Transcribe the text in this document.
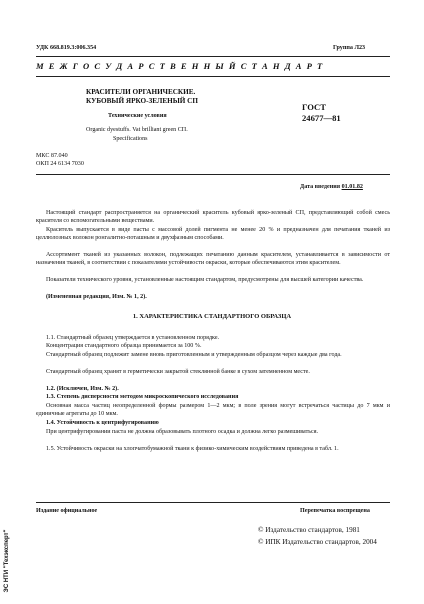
УДК 668.819.3:006.354	Группа Л23
М Е Ж Г О С У Д А Р С Т В Е Н Н Ы Й С Т А Н Д А Р Т
КРАСИТЕЛИ ОРГАНИЧЕСКИЕ.
КУБОВЫЙ ЯРКО-ЗЕЛЕНЫЙ СП
Технические условия
Organic dyestuffs. Vat brilliant green CП.
Specifications
ГОСТ
24677—81
МКС 87.040
ОКП 24 6134 7030
Дата введения 01.01.82
Настоящий стандарт распространяется на органический краситель кубовый ярко-зеленый СП, представляющий собой смесь красителя со вспомогательными веществами.
Краситель выпускается в виде пасты с массовой долей пигмента не менее 20 % и предназначен для печатания тканей из целлюлозных волокон ронгалитно-поташным и двухфазным способами.
Ассортимент тканей из указанных волокон, подлежащих печатанию данным красителем, устанавливается в зависимости от назначения тканей, в соответствии с показателями устойчивости окраски, которые обеспечиваются этим красителем.
Показатели технического уровня, установленные настоящим стандартом, предусмотрены для высшей категории качества.
(Измененная редакция, Изм. № 1, 2).
1. ХАРАКТЕРИСТИКА СТАНДАРТНОГО ОБРАЗЦА
1.1. Стандартный образец утверждается в установленном порядке.
Концентрация стандартного образца принимается за 100 %.
Стандартный образец подлежит замене вновь приготовленным и утвержденным образцом через каждые два года.
Стандартный образец хранят в герметически закрытой стеклянной банке в сухом затемненном месте.
1.2. (Исключен, Изм. № 2).
1.3. Степень дисперсности методом микроскопического исследования
Основная масса частиц неопределенной формы размером 1—2 мкм; в поле зрения могут встречаться частицы до 7 мкм и единичные агрегаты до 10 мкм.
1.4. Устойчивость к центрифугированию
При центрифугировании паста не должна образовывать плотного осадка и должна легко размешиваться.
1.5. Устойчивость окраски на хлопчатобумажной ткани к физико-химическим воздействиям приведена в табл. 1.
Издание официальное	Перепечатка воспрещена
© Издательство стандартов, 1981
© ИПК Издательство стандартов, 2004
ЭС НТИ "Техэксперт"
